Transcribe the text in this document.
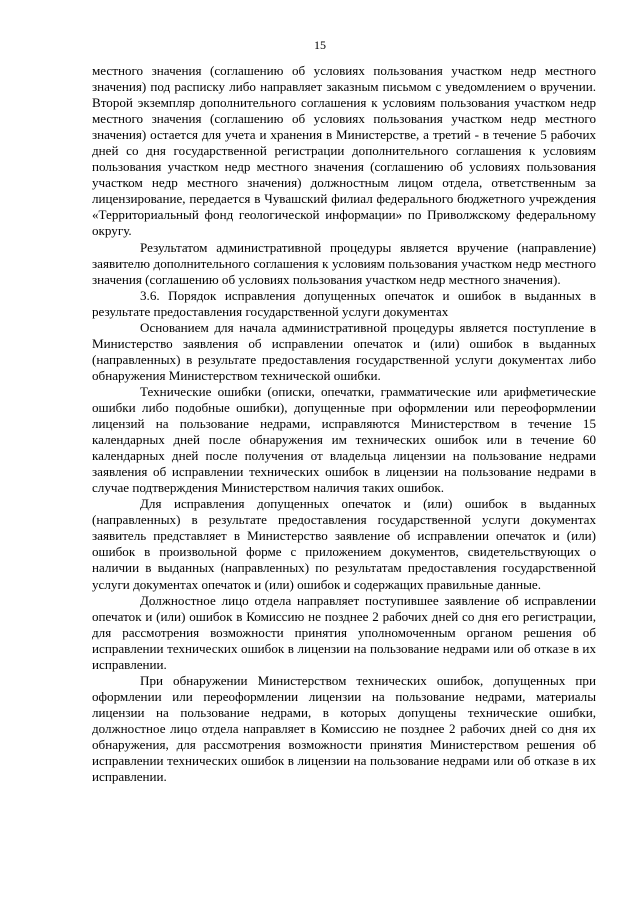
15

местного значения (соглашению об условиях пользования участком недр местного значения) под расписку либо направляет заказным письмом с уведомлением о вручении. Второй экземпляр дополнительного соглашения к условиям пользования участком недр местного значения (соглашению об условиях пользования участком недр местного значения) остается для учета и хранения в Министерстве, а третий - в течение 5 рабочих дней со дня государственной регистрации дополнительного соглашения к условиям пользования участком недр местного значения (соглашению об условиях пользования участком недр местного значения) должностным лицом отдела, ответственным за лицензирование, передается в Чувашский филиал федерального бюджетного учреждения «Территориальный фонд геологической информации» по Приволжскому федеральному округу.

Результатом административной процедуры является вручение (направление) заявителю дополнительного соглашения к условиям пользования участком недр местного значения (соглашению об условиях пользования участком недр местного значения).

3.6. Порядок исправления допущенных опечаток и ошибок в выданных в результате предоставления государственной услуги документах

Основанием для начала административной процедуры является поступление в Министерство заявления об исправлении опечаток и (или) ошибок в выданных (направленных) в результате предоставления государственной услуги документах либо обнаружения Министерством технической ошибки.

Технические ошибки (описки, опечатки, грамматические или арифметические ошибки либо подобные ошибки), допущенные при оформлении или переоформлении лицензий на пользование недрами, исправляются Министерством в течение 15 календарных дней после обнаружения им технических ошибок или в течение 60 календарных дней после получения от владельца лицензии на пользование недрами заявления об исправлении технических ошибок в лицензии на пользование недрами в случае подтверждения Министерством наличия таких ошибок.

Для исправления допущенных опечаток и (или) ошибок в выданных (направленных) в результате предоставления государственной услуги документах заявитель представляет в Министерство заявление об исправлении опечаток и (или) ошибок в произвольной форме с приложением документов, свидетельствующих о наличии в выданных (направленных) по результатам предоставления государственной услуги документах опечаток и (или) ошибок и содержащих правильные данные.

Должностное лицо отдела направляет поступившее заявление об исправлении опечаток и (или) ошибок в Комиссию не позднее 2 рабочих дней со дня его регистрации, для рассмотрения возможности принятия уполномоченным органом решения об исправлении технических ошибок в лицензии на пользование недрами или об отказе в их исправлении.

При обнаружении Министерством технических ошибок, допущенных при оформлении или переоформлении лицензии на пользование недрами, материалы лицензии на пользование недрами, в которых допущены технические ошибки, должностное лицо отдела направляет в Комиссию не позднее 2 рабочих дней со дня их обнаружения, для рассмотрения возможности принятия Министерством решения об исправлении технических ошибок в лицензии на пользование недрами или об отказе в их исправлении.
